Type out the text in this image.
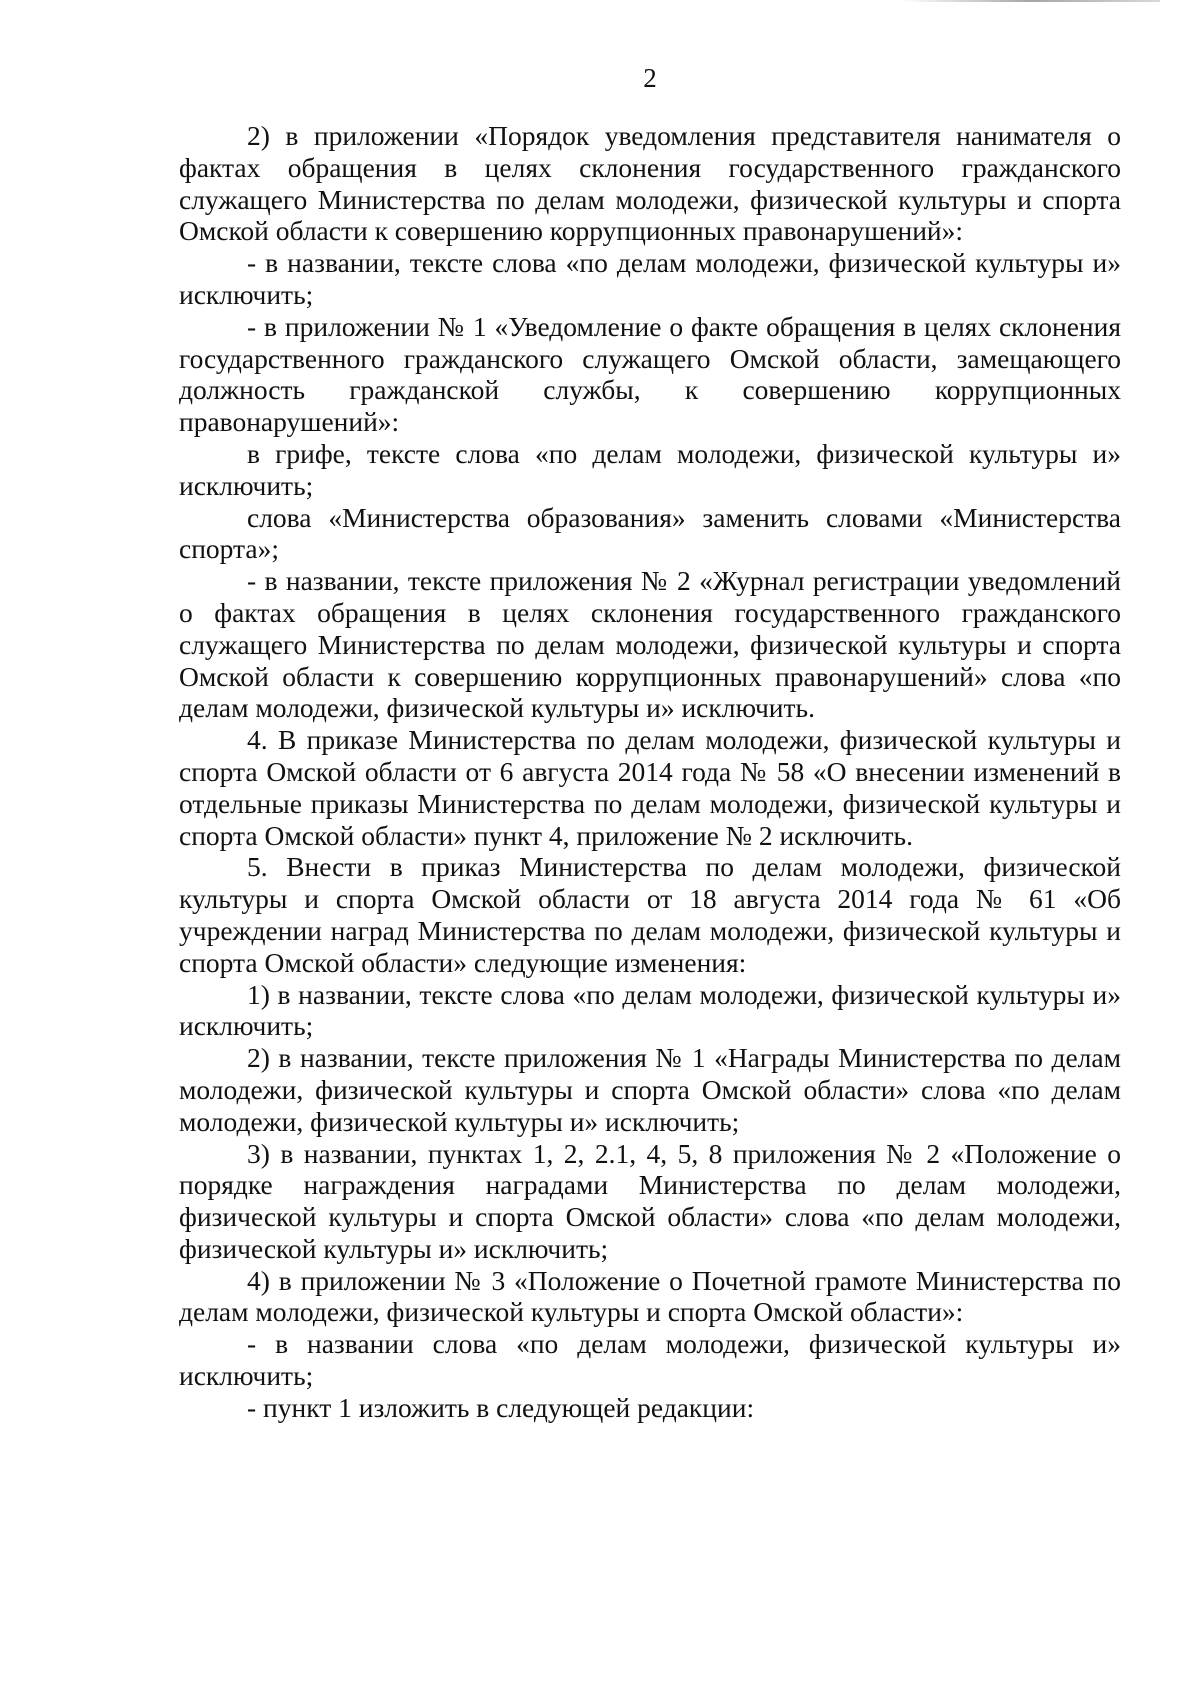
2

2) в приложении «Порядок уведомления представителя нанимателя о фактах обращения в целях склонения государственного гражданского служащего Министерства по делам молодежи, физической культуры и спорта Омской области к совершению коррупционных правонарушений»:

- в названии, тексте слова «по делам молодежи, физической культуры и» исключить;

- в приложении № 1 «Уведомление о факте обращения в целях склонения государственного гражданского служащего Омской области, замещающего должность гражданской службы, к совершению коррупционных правонарушений»:

в грифе, тексте слова «по делам молодежи, физической культуры и» исключить;

слова «Министерства образования» заменить словами «Министерства спорта»;

- в названии, тексте приложения № 2 «Журнал регистрации уведомлений о фактах обращения в целях склонения государственного гражданского служащего Министерства по делам молодежи, физической культуры и спорта Омской области к совершению коррупционных правонарушений» слова «по делам молодежи, физической культуры и» исключить.

4. В приказе Министерства по делам молодежи, физической культуры и спорта Омской области от 6 августа 2014 года № 58 «О внесении изменений в отдельные приказы Министерства по делам молодежи, физической культуры и спорта Омской области» пункт 4, приложение № 2 исключить.

5. Внести в приказ Министерства по делам молодежи, физической культуры и спорта Омской области от 18 августа 2014 года № 61 «Об учреждении наград Министерства по делам молодежи, физической культуры и спорта Омской области» следующие изменения:

1) в названии, тексте слова «по делам молодежи, физической культуры и» исключить;

2) в названии, тексте приложения № 1 «Награды Министерства по делам молодежи, физической культуры и спорта Омской области» слова «по делам молодежи, физической культуры и» исключить;

3) в названии, пунктах 1, 2, 2.1, 4, 5, 8 приложения № 2 «Положение о порядке награждения наградами Министерства по делам молодежи, физической культуры и спорта Омской области» слова «по делам молодежи, физической культуры и» исключить;

4) в приложении № 3 «Положение о Почетной грамоте Министерства по делам молодежи, физической культуры и спорта Омской области»:

- в названии слова «по делам молодежи, физической культуры и» исключить;

- пункт 1 изложить в следующей редакции:
